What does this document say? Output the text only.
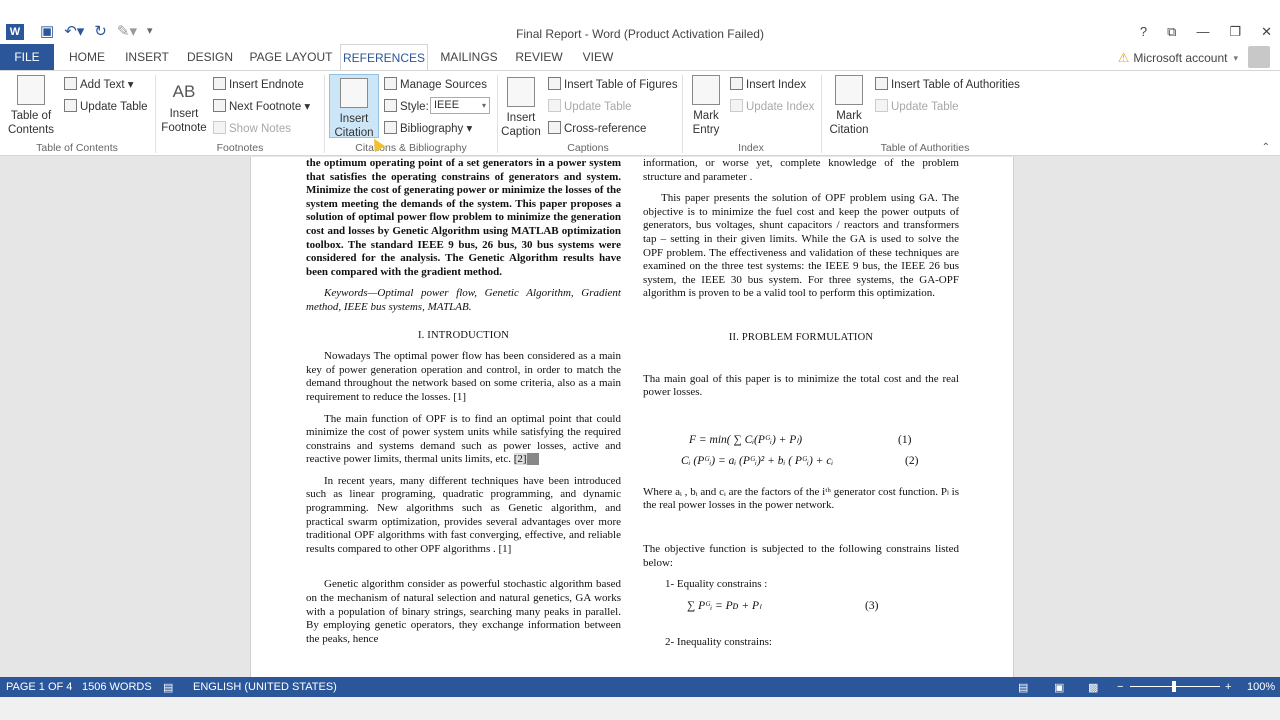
W ▣ ↶▾ ↻ ✎▾ ▾	Final Report - Word (Product Activation Failed)	? ⧉ — ❐ ✕
FILE	HOME	INSERT	DESIGN	PAGE LAYOUT REFERENCES	MAILINGS	REVIEW	VIEW	⚠ Microsoft account ▾
Table of Contents
Add Text ▾
Update Table
Table of Contents
AB
Insert Footnote
Insert Endnote
Next Footnote ▾
Show Notes
Footnotes
Insert Citation
Manage Sources
Style: IEEE	▾
Bibliography ▾
Citations & Bibliography
Insert Caption
Insert Table of Figures
Update Table
Cross-reference
Captions
Mark Entry
Insert Index
Update Index
Index
Mark Citation
Insert Table of Authorities
Update Table
Table of Authorities	⌃

the optimum operating point of a set generators in a power system that satisfies the operating constrains of generators and system. Minimize the cost of generating power or minimize the losses of the system meeting the demands of the system. This paper proposes a solution of optimal power flow problem to minimize the generation cost and losses by Genetic Algorithm using MATLAB optimization toolbox. The standard IEEE 9 bus, 26 bus, 30 bus systems were considered for the analysis. The Genetic Algorithm results have been compared with the gradient method.

Keywords—Optimal power flow, Genetic Algorithm, Gradient method, IEEE bus systems, MATLAB.

I. INTRODUCTION

Nowadays The optimal power flow has been considered as a main key of power generation operation and control, in order to match the demand throughout the network based on some criteria, also as a main requirement to reduce the losses. [1]

The main function of OPF is to find an optimal point that could minimize the cost of power system units while satisfying the required constrains and systems demand such as power losses, active and reactive power limits, thermal units limits, etc. [2][  ]

In recent years, many different techniques have been introduced such as linear programing, quadratic programming, and dynamic programming. New algorithms such as Genetic algorithm, and practical swarm optimization, provides several advantages over more traditional OPF algorithms with fast converging, effective, and reliable results compared to other OPF algorithms . [1]

Genetic algorithm consider as powerful stochastic algorithm based on the mechanism of natural selection and natural genetics, GA works with a population of binary strings, searching many peaks in parallel. By employing genetic operators, they exchange information between the peaks, hence

information, or worse yet, complete knowledge of the problem structure and parameter .

This paper presents the solution of OPF problem using GA. The objective is to minimize the fuel cost and keep the power outputs of generators, bus voltages, shunt capacitors / reactors and transformers tap – setting in their given limits. While the GA is used to solve the OPF problem. The effectiveness and validation of these techniques are examined on the three test systems: the IEEE 9 bus, the IEEE 26 bus system, the IEEE 30 bus system. For three systems, the GA-OPF algorithm is proven to be a valid tool to perform this optimization.

II. PROBLEM FORMULATION

Tha main goal of this paper is to minimize the total cost and the real power losses.

F = min( ∑ Cᵢ(Pᴳᵢ) + Pₗ)	(1)
Cᵢ (Pᴳᵢ) = aᵢ (Pᴳᵢ)² + bᵢ ( Pᴳᵢ) + cᵢ	(2)

Where aᵢ , bᵢ and cᵢ are the factors of the iᵗʰ generator cost function. Pₗ is the real power losses in the power network.

The objective function is subjected to the following constrains listed below:

1- Equality constrains :

∑ Pᴳᵢ = Pᴅ + Pₗ	(3)

2- Inequality constrains:

PAGE 1 OF 4 1506 WORDS ▤ ENGLISH (UNITED STATES)	▤ ▣ ▩ −	+ 100%
